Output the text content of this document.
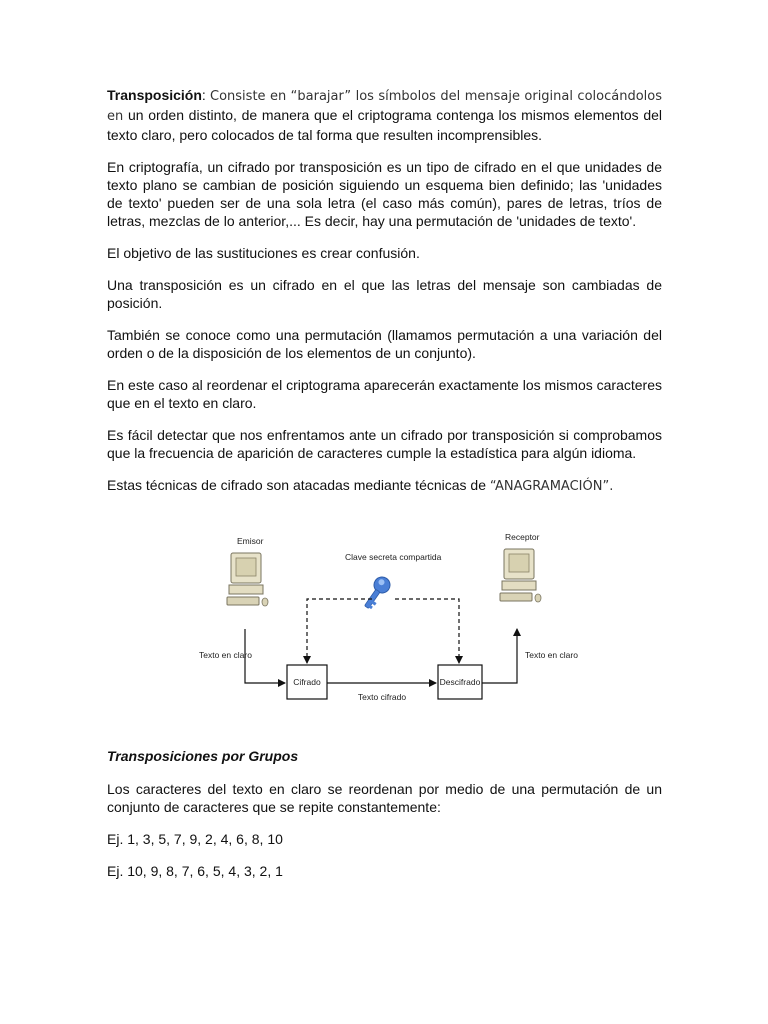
Transposición: Consiste en “barajar” los símbolos del mensaje original colocándolos en un orden distinto, de manera que el criptograma contenga los mismos elementos del texto claro, pero colocados de tal forma que resulten incomprensibles.

En criptografía, un cifrado por transposición es un tipo de cifrado en el que unidades de texto plano se cambian de posición siguiendo un esquema bien definido; las 'unidades de texto' pueden ser de una sola letra (el caso más común), pares de letras, tríos de letras, mezclas de lo anterior,... Es decir, hay una permutación de 'unidades de texto'.

El objetivo de las sustituciones es crear confusión.

Una transposición es un cifrado en el que las letras del mensaje son cambiadas de posición.

También se conoce como una permutación (llamamos permutación a una variación del orden o de la disposición de los elementos de un conjunto).

En este caso al reordenar el criptograma aparecerán exactamente los mismos caracteres que en el texto en claro.

Es fácil detectar que nos enfrentamos ante un cifrado por transposición si comprobamos que la frecuencia de aparición de caracteres cumple la estadística para algún idioma.

Estas técnicas de cifrado son atacadas mediante técnicas de “ANAGRAMACIÓN”.

Emisor	Receptor
Clave secreta compartida
Cifrado	Descifrado
Texto en claro
Texto cifrado
Texto en claro
Transposiciones por Grupos

Los caracteres del texto en claro se reordenan por medio de una permutación de un conjunto de caracteres que se repite constantemente:

Ej. 1, 3, 5, 7, 9, 2, 4, 6, 8, 10

Ej. 10, 9, 8, 7, 6, 5, 4, 3, 2, 1
